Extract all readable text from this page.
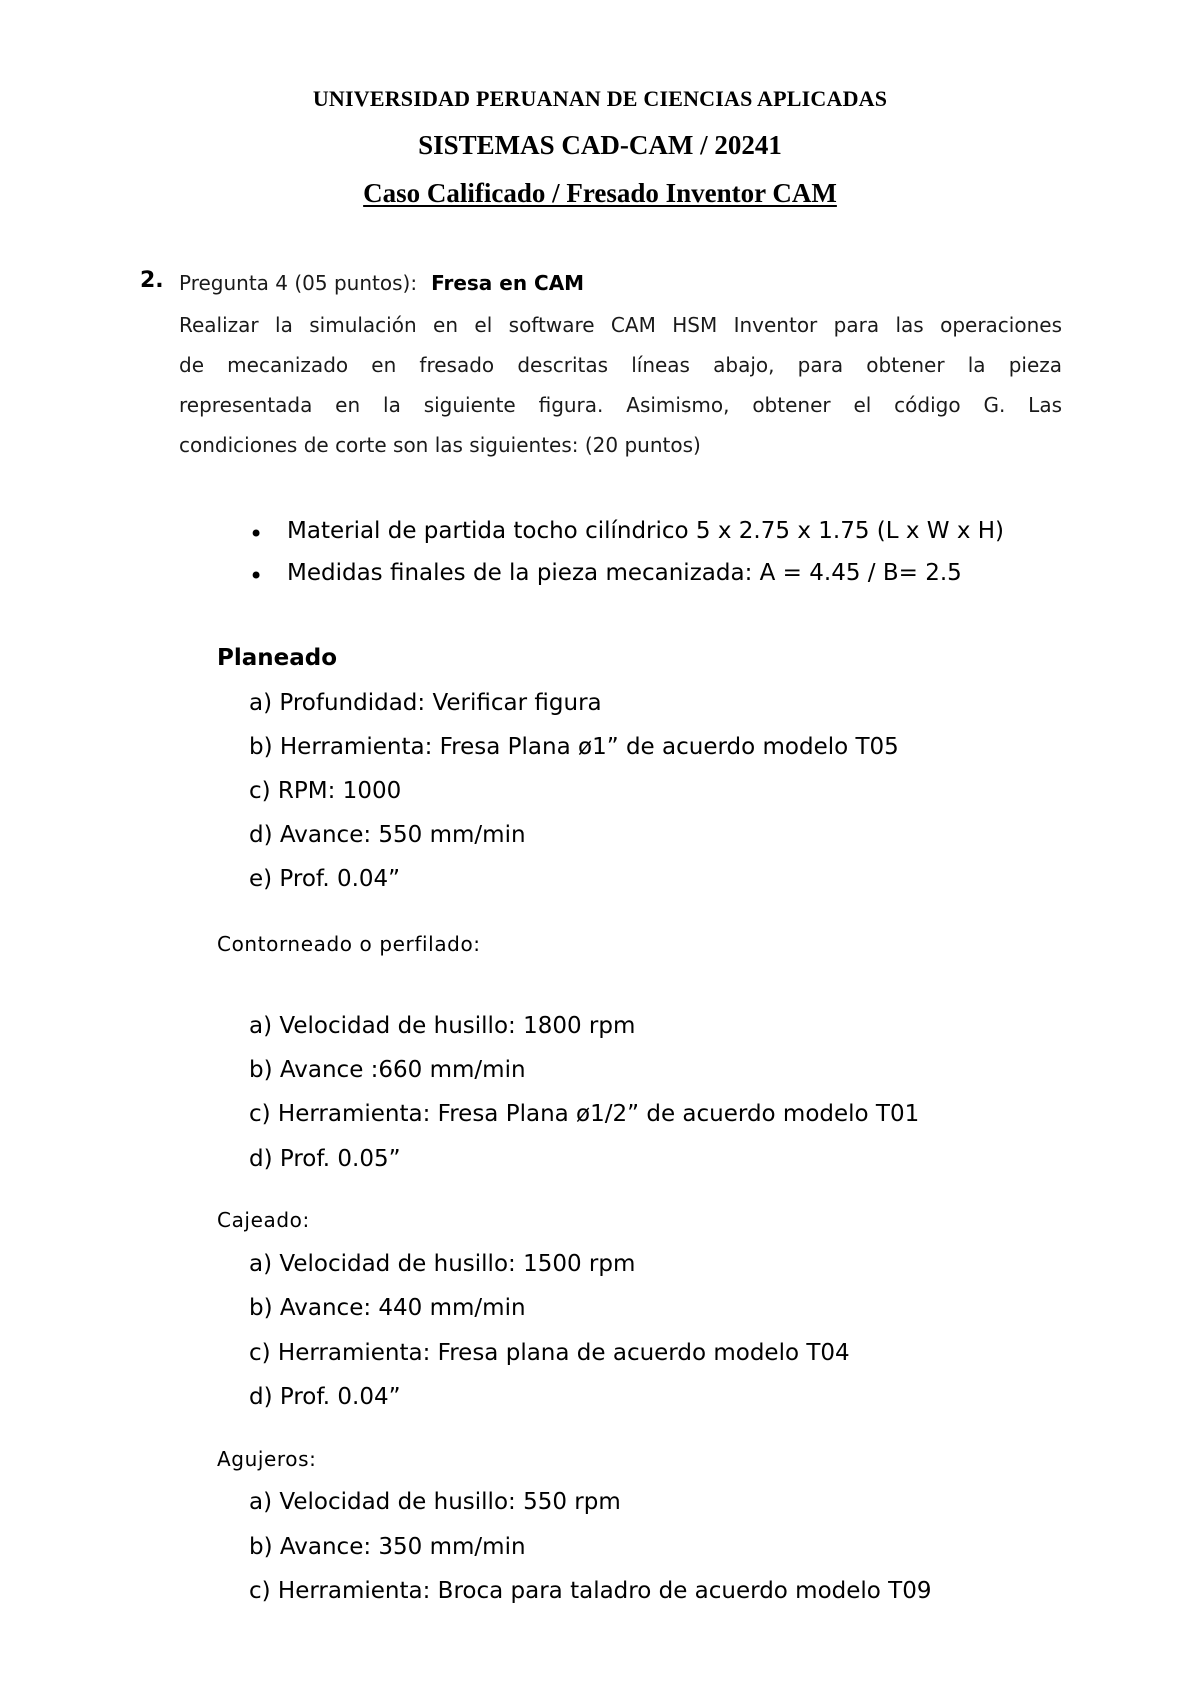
UNIVERSIDAD PERUANAN DE CIENCIAS APLICADAS
SISTEMAS CAD-CAM / 20241
Caso Calificado / Fresado Inventor CAM
2. Pregunta 4 (05 puntos): Fresa en CAM
Realizar la simulación en el software CAM HSM Inventor para las operaciones
de mecanizado en fresado descritas líneas abajo, para obtener la pieza
representada en la siguiente figura. Asimismo, obtener el código G. Las
condiciones de corte son las siguientes: (20 puntos)
• Material de partida tocho cilíndrico 5 x 2.75 x 1.75 (L x W x H)
• Medidas finales de la pieza mecanizada: A = 4.45 / B= 2.5
Planeado
a) Profundidad: Verificar figura
b) Herramienta: Fresa Plana ø1” de acuerdo modelo T05
c) RPM: 1000
d) Avance: 550 mm/min
e) Prof. 0.04”
Contorneado o perfilado:
a) Velocidad de husillo: 1800 rpm
b) Avance :660 mm/min
c) Herramienta: Fresa Plana ø1/2” de acuerdo modelo T01
d) Prof. 0.05”
Cajeado:
a) Velocidad de husillo: 1500 rpm
b) Avance: 440 mm/min
c) Herramienta: Fresa plana de acuerdo modelo T04
d) Prof. 0.04”
Agujeros:
a) Velocidad de husillo: 550 rpm
b) Avance: 350 mm/min
c) Herramienta: Broca para taladro de acuerdo modelo T09
